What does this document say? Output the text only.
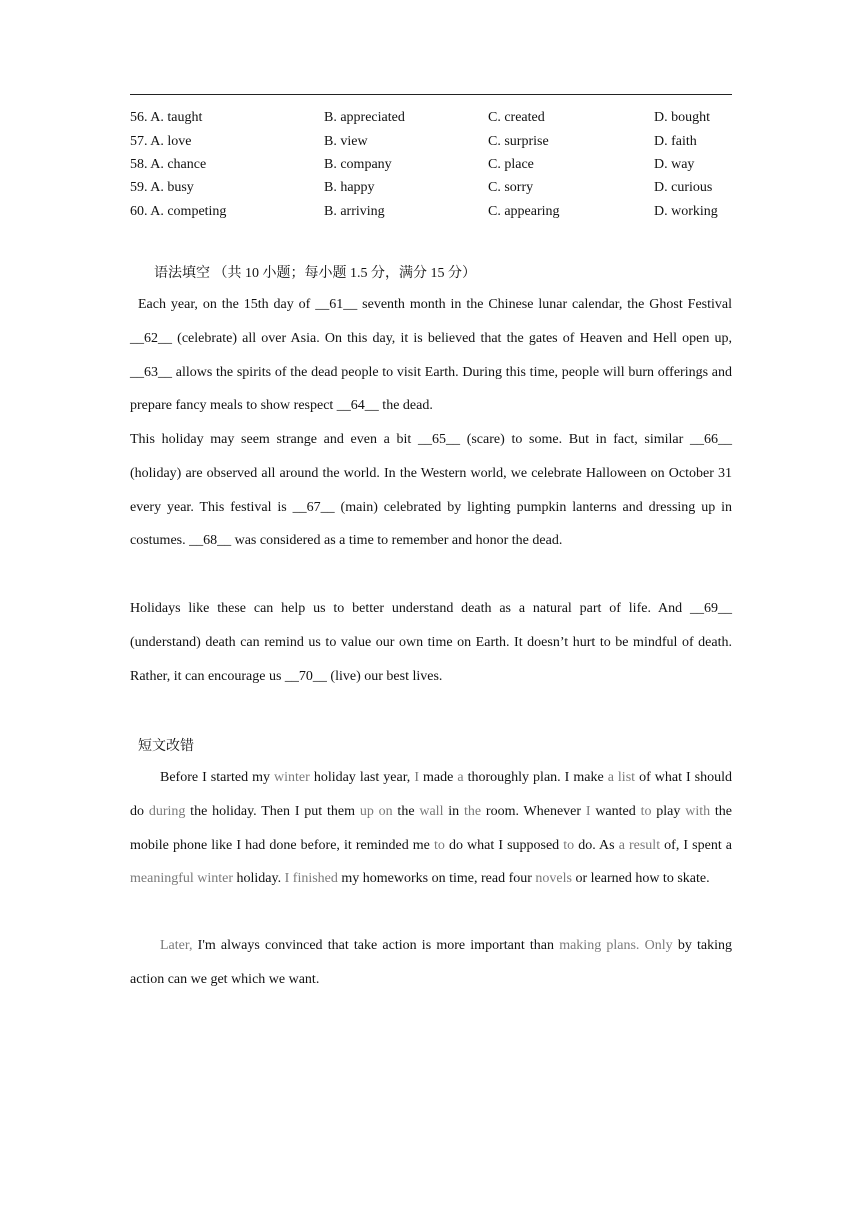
56. A. taught	B. appreciated	C. created	D. bought
57. A. love	B. view	C. surprise	D. faith
58. A. chance	B. company	C. place	D. way
59. A. busy	B. happy	C. sorry	D. curious
60. A. competing	B. arriving	C. appearing	D. working
语法填空 （共 10 小题；每小题 1.5 分，满分 15 分）

Each year, on the 15th day of __61__ seventh month in the Chinese lunar calendar, the Ghost Festival __62__ (celebrate) all over Asia. On this day, it is believed that the gates of Heaven and Hell open up, __63__ allows the spirits of the dead people to visit Earth. During this time, people will burn offerings and prepare fancy meals to show respect __64__ the dead.

This holiday may seem strange and even a bit __65__ (scare) to some. But in fact, similar __66__ (holiday) are observed all around the world. In the Western world, we celebrate Halloween on October 31 every year. This festival is __67__ (main) celebrated by lighting pumpkin lanterns and dressing up in costumes. __68__ was considered as a time to remember and honor the dead.

Holidays like these can help us to better understand death as a natural part of life. And __69__ (understand) death can remind us to value our own time on Earth. It doesn’t hurt to be mindful of death. Rather, it can encourage us __70__ (live) our best lives.

短文改错

Before I started my winter holiday last year, I made a thoroughly plan. I make a list of what I should do during the holiday. Then I put them up on the wall in the room. Whenever I wanted to play with the mobile phone like I had done before, it reminded me to do what I supposed to do. As a result of, I spent a meaningful winter holiday. I finished my homeworks on time, read four novels or learned how to skate.

Later, I'm always convinced that take action is more important than making plans. Only by taking action can we get which we want.
